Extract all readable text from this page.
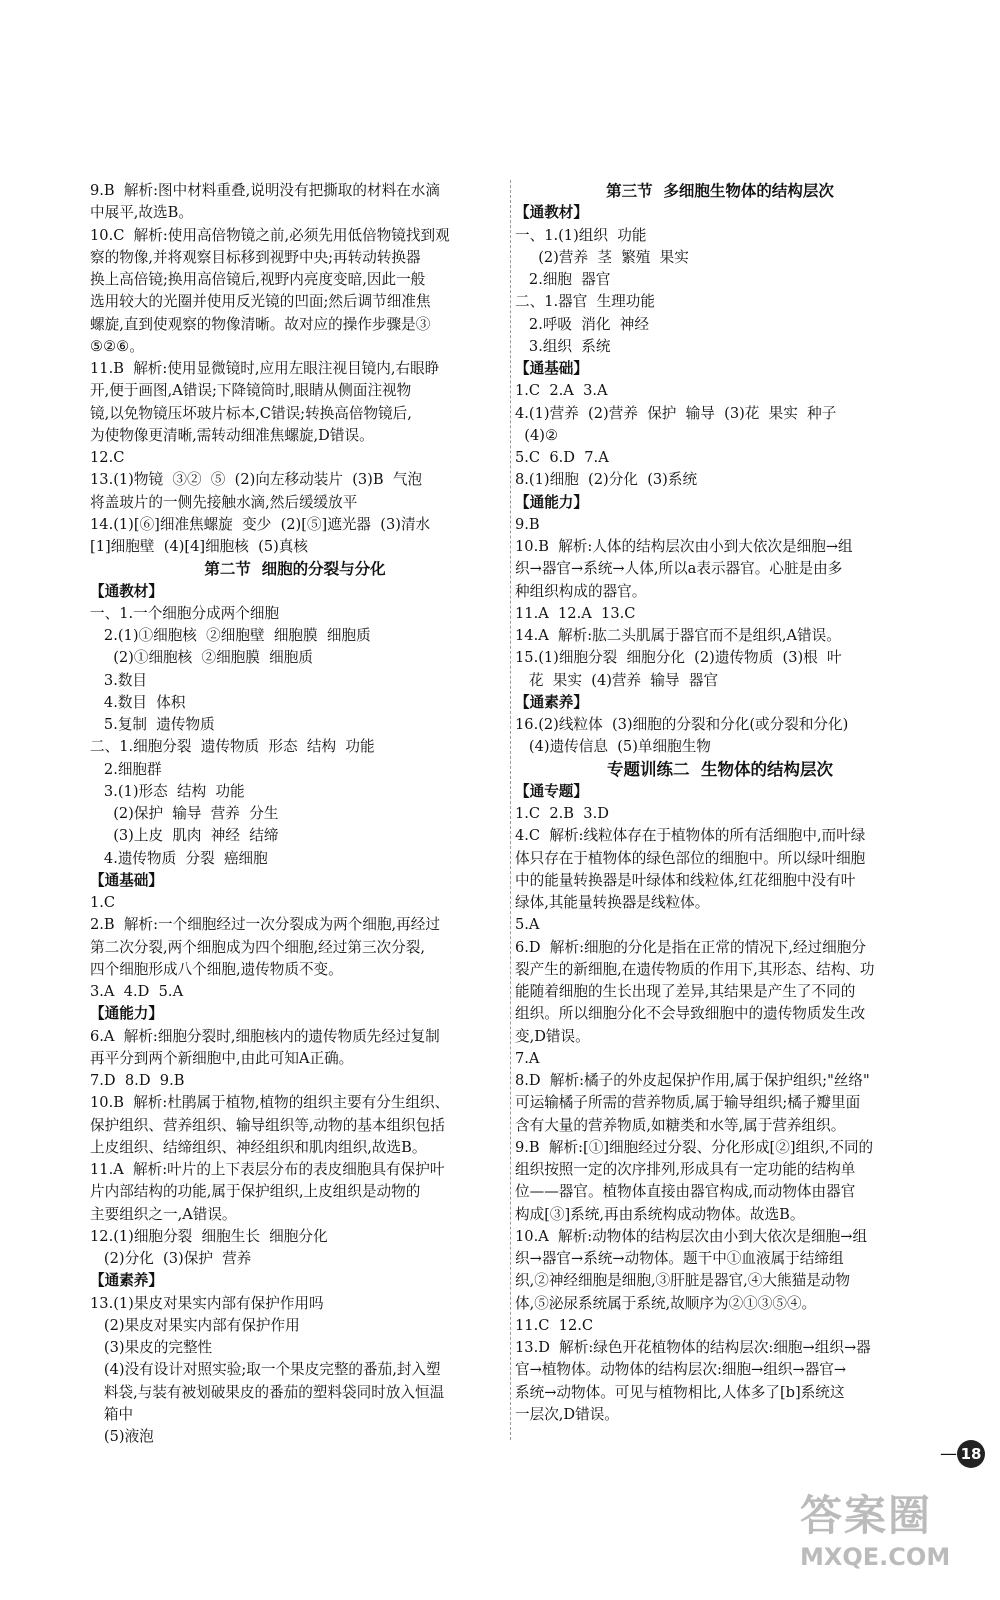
9.B  解析:图中材料重叠,说明没有把撕取的材料在水滴
中展平,故选B。
10.C  解析:使用高倍物镜之前,必须先用低倍物镜找到观
察的物像,并将观察目标移到视野中央;再转动转换器
换上高倍镜;换用高倍镜后,视野内亮度变暗,因此一般
选用较大的光圈并使用反光镜的凹面;然后调节细准焦
螺旋,直到使观察的物像清晰。故对应的操作步骤是③
⑤②⑥。
11.B  解析:使用显微镜时,应用左眼注视目镜内,右眼睁
开,便于画图,A错误;下降镜筒时,眼睛从侧面注视物
镜,以免物镜压坏玻片标本,C错误;转换高倍物镜后,
为使物像更清晰,需转动细准焦螺旋,D错误。
12.C
13.(1)物镜  ③②  ⑤  (2)向左移动装片  (3)B  气泡
将盖玻片的一侧先接触水滴,然后缓缓放平
14.(1)[⑥]细准焦螺旋  变少  (2)[⑤]遮光器  (3)清水
[1]细胞壁  (4)[4]细胞核  (5)真核
第二节  细胞的分裂与分化
【通教材】
一、1.一个细胞分成两个细胞
2.(1)①细胞核  ②细胞壁  细胞膜  细胞质
(2)①细胞核  ②细胞膜  细胞质
3.数目
4.数目  体积
5.复制  遗传物质
二、1.细胞分裂  遗传物质  形态  结构  功能
2.细胞群
3.(1)形态  结构  功能
(2)保护  输导  营养  分生
(3)上皮  肌肉  神经  结缔
4.遗传物质  分裂  癌细胞
【通基础】
1.C
2.B  解析:一个细胞经过一次分裂成为两个细胞,再经过
第二次分裂,两个细胞成为四个细胞,经过第三次分裂,
四个细胞形成八个细胞,遗传物质不变。
3.A  4.D  5.A
【通能力】
6.A  解析:细胞分裂时,细胞核内的遗传物质先经过复制
再平分到两个新细胞中,由此可知A正确。
7.D  8.D  9.B
10.B  解析:杜鹃属于植物,植物的组织主要有分生组织、
保护组织、营养组织、输导组织等,动物的基本组织包括
上皮组织、结缔组织、神经组织和肌肉组织,故选B。
11.A  解析:叶片的上下表层分布的表皮细胞具有保护叶
片内部结构的功能,属于保护组织,上皮组织是动物的
主要组织之一,A错误。
12.(1)细胞分裂  细胞生长  细胞分化
(2)分化  (3)保护  营养
【通素养】
13.(1)果皮对果实内部有保护作用吗
(2)果皮对果实内部有保护作用
(3)果皮的完整性
(4)没有设计对照实验;取一个果皮完整的番茄,封入塑
料袋,与装有被划破果皮的番茄的塑料袋同时放入恒温
箱中
(5)液泡
第三节  多细胞生物体的结构层次
【通教材】
一、1.(1)组织  功能
(2)营养  茎  繁殖  果实
2.细胞  器官
二、1.器官  生理功能
2.呼吸  消化  神经
3.组织  系统
【通基础】
1.C  2.A  3.A
4.(1)营养  (2)营养  保护  输导  (3)花  果实  种子
(4)②
5.C  6.D  7.A
8.(1)细胞  (2)分化  (3)系统
【通能力】
9.B
10.B  解析:人体的结构层次由小到大依次是细胞→组
织→器官→系统→人体,所以a表示器官。心脏是由多
种组织构成的器官。
11.A  12.A  13.C
14.A  解析:肱二头肌属于器官而不是组织,A错误。
15.(1)细胞分裂  细胞分化  (2)遗传物质  (3)根  叶
花  果实  (4)营养  输导  器官
【通素养】
16.(2)线粒体  (3)细胞的分裂和分化(或分裂和分化)
(4)遗传信息  (5)单细胞生物
专题训练二  生物体的结构层次
【通专题】
1.C  2.B  3.D
4.C  解析:线粒体存在于植物体的所有活细胞中,而叶绿
体只存在于植物体的绿色部位的细胞中。所以绿叶细胞
中的能量转换器是叶绿体和线粒体,红花细胞中没有叶
绿体,其能量转换器是线粒体。
5.A
6.D  解析:细胞的分化是指在正常的情况下,经过细胞分
裂产生的新细胞,在遗传物质的作用下,其形态、结构、功
能随着细胞的生长出现了差异,其结果是产生了不同的
组织。所以细胞分化不会导致细胞中的遗传物质发生改
变,D错误。
7.A
8.D  解析:橘子的外皮起保护作用,属于保护组织;"丝络"
可运输橘子所需的营养物质,属于输导组织;橘子瓣里面
含有大量的营养物质,如糖类和水等,属于营养组织。
9.B  解析:[①]细胞经过分裂、分化形成[②]组织,不同的
组织按照一定的次序排列,形成具有一定功能的结构单
位——器官。植物体直接由器官构成,而动物体由器官
构成[③]系统,再由系统构成动物体。故选B。
10.A  解析:动物体的结构层次由小到大依次是细胞→组
织→器官→系统→动物体。题干中①血液属于结缔组
织,②神经细胞是细胞,③肝脏是器官,④大熊猫是动物
体,⑤泌尿系统属于系统,故顺序为②①③⑤④。
11.C  12.C
13.D  解析:绿色开花植物体的结构层次:细胞→组织→器
官→植物体。动物体的结构层次:细胞→组织→器官→
系统→动物体。可见与植物相比,人体多了[b]系统这
一层次,D错误。
— 18
答案圈
MXQE.COM
